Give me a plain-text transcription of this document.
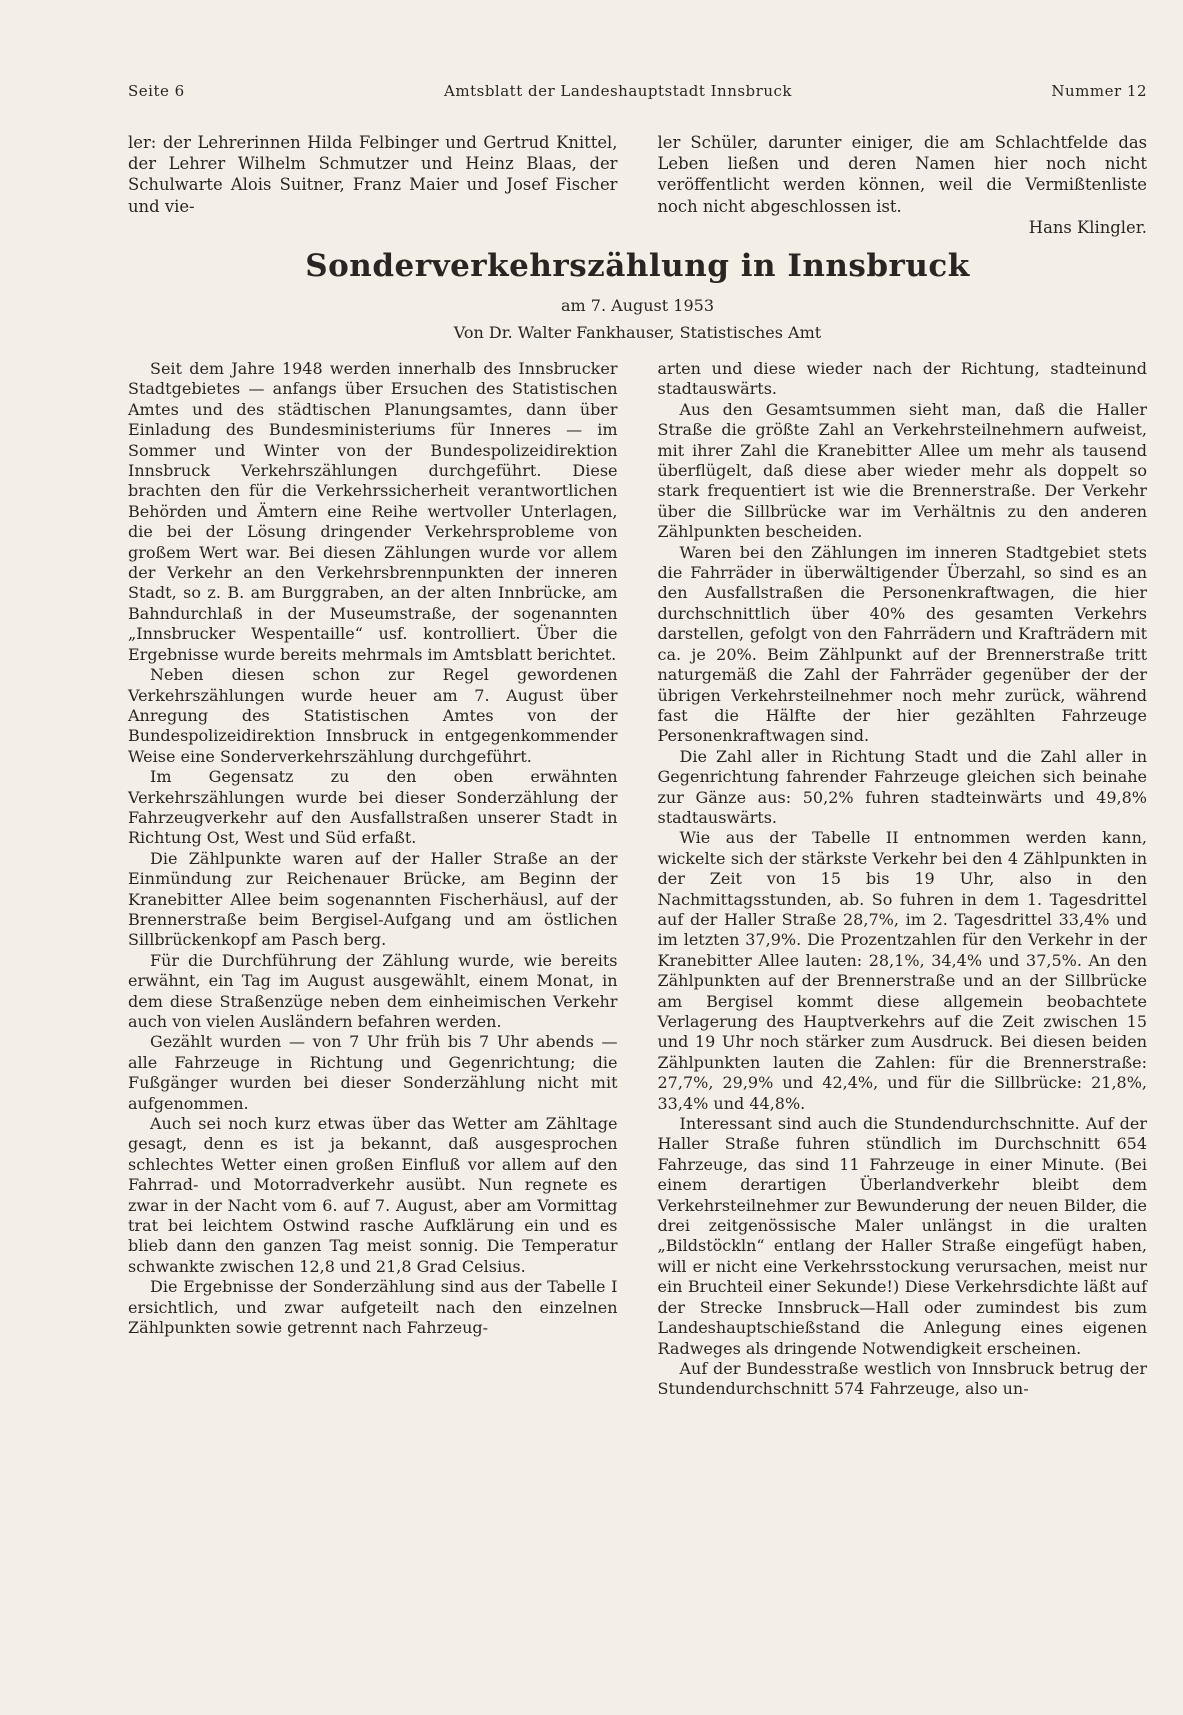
Seite 6	Amtsblatt der Landeshauptstadt Innsbruck	Nummer 12

ler: der Lehrerinnen Hilda Felbinger und Gertrud Knittel, der Lehrer Wilhelm Schmutzer und Heinz Blaas, der Schulwarte Alois Suitner, Franz Maier und Josef Fischer und vie-

ler Schüler, darunter einiger, die am Schlachtfelde das Leben ließen und deren Namen hier noch nicht veröffentlicht werden können, weil die Vermißtenliste noch nicht abgeschlossen ist.
Hans Klingler.

Sonderverkehrszählung in Innsbruck
am 7. August 1953
Von Dr. Walter Fankhauser, Statistisches Amt

Seit dem Jahre 1948 werden innerhalb des Innsbrucker Stadtgebietes — anfangs über Ersuchen des Statistischen Amtes und des städtischen Planungsamtes, dann über Einladung des Bundesministeriums für Inneres — im Sommer und Winter von der Bundespolizeidirektion Innsbruck Verkehrszählungen durchgeführt. Diese brachten den für die Verkehrssicherheit verantwortlichen Behörden und Ämtern eine Reihe wertvoller Unterlagen, die bei der Lösung dringender Verkehrsprobleme von großem Wert war. Bei diesen Zählungen wurde vor allem der Verkehr an den Verkehrsbrennpunkten der inneren Stadt, so z. B. am Burggraben, an der alten Innbrücke, am Bahndurchlaß in der Museumstraße, der sogenannten „Innsbrucker Wespentaille“ usf. kontrolliert. Über die Ergebnisse wurde bereits mehrmals im Amtsblatt berichtet.

Neben diesen schon zur Regel gewordenen Verkehrszählungen wurde heuer am 7. August über Anregung des Statistischen Amtes von der Bundespolizeidirektion Innsbruck in entgegenkommender Weise eine Sonderverkehrszählung durchgeführt.

Im Gegensatz zu den oben erwähnten Verkehrszählungen wurde bei dieser Sonderzählung der Fahrzeugverkehr auf den Ausfallstraßen unserer Stadt in Richtung Ost, West und Süd erfaßt.

Die Zählpunkte waren auf der Haller Straße an der Einmündung zur Reichenauer Brücke, am Beginn der Kranebitter Allee beim sogenannten Fischerhäusl, auf der Brennerstraße beim Bergisel-Aufgang und am östlichen Sillbrückenkopf am Pasch berg.

Für die Durchführung der Zählung wurde, wie bereits erwähnt, ein Tag im August ausgewählt, einem Monat, in dem diese Straßenzüge neben dem einheimischen Verkehr auch von vielen Ausländern befahren werden.

Gezählt wurden — von 7 Uhr früh bis 7 Uhr abends — alle Fahrzeuge in Richtung und Gegenrichtung; die Fußgänger wurden bei dieser Sonderzählung nicht mit aufgenommen.

Auch sei noch kurz etwas über das Wetter am Zähltage gesagt, denn es ist ja bekannt, daß ausgesprochen schlechtes Wetter einen großen Einfluß vor allem auf den Fahrrad- und Motorradverkehr ausübt. Nun regnete es zwar in der Nacht vom 6. auf 7. August, aber am Vormittag trat bei leichtem Ostwind rasche Aufklärung ein und es blieb dann den ganzen Tag meist sonnig. Die Temperatur schwankte zwischen 12,8 und 21,8 Grad Celsius.

Die Ergebnisse der Sonderzählung sind aus der Tabelle I ersichtlich, und zwar aufgeteilt nach den einzelnen Zählpunkten sowie getrennt nach Fahrzeug-

arten und diese wieder nach der Richtung, stadteinund stadtauswärts.

Aus den Gesamtsummen sieht man, daß die Haller Straße die größte Zahl an Verkehrsteilnehmern aufweist, mit ihrer Zahl die Kranebitter Allee um mehr als tausend überflügelt, daß diese aber wieder mehr als doppelt so stark frequentiert ist wie die Brennerstraße. Der Verkehr über die Sillbrücke war im Verhältnis zu den anderen Zählpunkten bescheiden.

Waren bei den Zählungen im inneren Stadtgebiet stets die Fahrräder in überwältigender Überzahl, so sind es an den Ausfallstraßen die Personenkraftwagen, die hier durchschnittlich über 40% des gesamten Verkehrs darstellen, gefolgt von den Fahrrädern und Krafträdern mit ca. je 20%. Beim Zählpunkt auf der Brennerstraße tritt naturgemäß die Zahl der Fahrräder gegenüber der der übrigen Verkehrsteilnehmer noch mehr zurück, während fast die Hälfte der hier gezählten Fahrzeuge Personenkraftwagen sind.

Die Zahl aller in Richtung Stadt und die Zahl aller in Gegenrichtung fahrender Fahrzeuge gleichen sich beinahe zur Gänze aus: 50,2% fuhren stadteinwärts und 49,8% stadtauswärts.

Wie aus der Tabelle II entnommen werden kann, wickelte sich der stärkste Verkehr bei den 4 Zählpunkten in der Zeit von 15 bis 19 Uhr, also in den Nachmittagsstunden, ab. So fuhren in dem 1. Tagesdrittel auf der Haller Straße 28,7%, im 2. Tagesdrittel 33,4% und im letzten 37,9%. Die Prozentzahlen für den Verkehr in der Kranebitter Allee lauten: 28,1%, 34,4% und 37,5%. An den Zählpunkten auf der Brennerstraße und an der Sillbrücke am Bergisel kommt diese allgemein beobachtete Verlagerung des Hauptverkehrs auf die Zeit zwischen 15 und 19 Uhr noch stärker zum Ausdruck. Bei diesen beiden Zählpunkten lauten die Zahlen: für die Brennerstraße: 27,7%, 29,9% und 42,4%, und für die Sillbrücke: 21,8%, 33,4% und 44,8%.

Interessant sind auch die Stundendurchschnitte. Auf der Haller Straße fuhren stündlich im Durchschnitt 654 Fahrzeuge, das sind 11 Fahrzeuge in einer Minute. (Bei einem derartigen Überlandverkehr bleibt dem Verkehrsteilnehmer zur Bewunderung der neuen Bilder, die drei zeitgenössische Maler unlängst in die uralten „Bildstöckln“ entlang der Haller Straße eingefügt haben, will er nicht eine Verkehrsstockung verursachen, meist nur ein Bruchteil einer Sekunde!) Diese Verkehrsdichte läßt auf der Strecke Innsbruck—Hall oder zumindest bis zum Landeshauptschießstand die Anlegung eines eigenen Radweges als dringende Notwendigkeit erscheinen.

Auf der Bundesstraße westlich von Innsbruck betrug der Stundendurchschnitt 574 Fahrzeuge, also un-
